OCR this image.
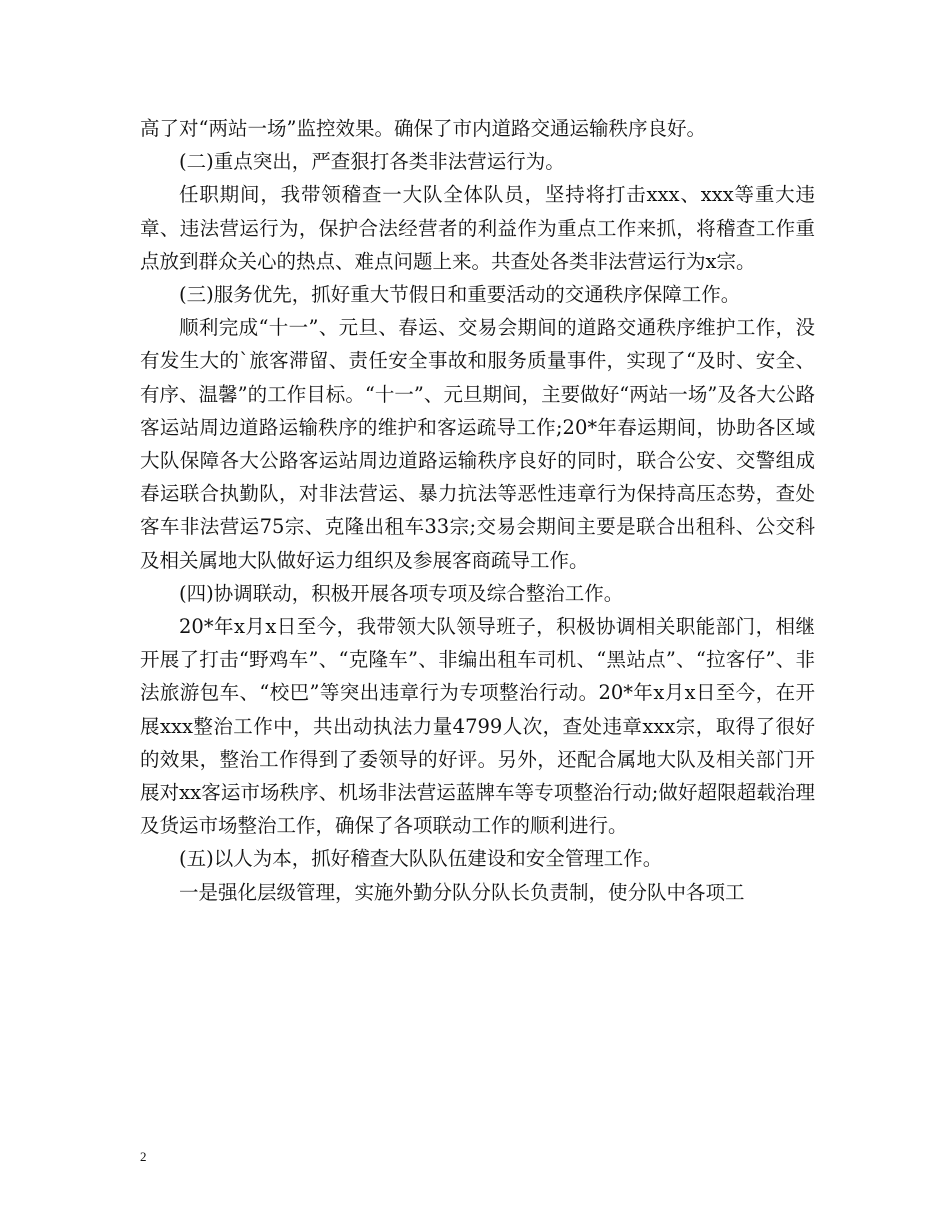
高了对“两站一场”监控效果。确保了市内道路交通运输秩序良好。

(二)重点突出，严查狠打各类非法营运行为。

任职期间，我带领稽查一大队全体队员，坚持将打击xxx、xxx等重大违章、违法营运行为，保护合法经营者的利益作为重点工作来抓，将稽查工作重点放到群众关心的热点、难点问题上来。共查处各类非法营运行为x宗。

(三)服务优先，抓好重大节假日和重要活动的交通秩序保障工作。

顺利完成“十一”、元旦、春运、交易会期间的道路交通秩序维护工作，没有发生大的`旅客滞留、责任安全事故和服务质量事件，实现了“及时、安全、有序、温馨”的工作目标。“十一”、元旦期间，主要做好“两站一场”及各大公路客运站周边道路运输秩序的维护和客运疏导工作;20*年春运期间，协助各区域大队保障各大公路客运站周边道路运输秩序良好的同时，联合公安、交警组成春运联合执勤队，对非法营运、暴力抗法等恶性违章行为保持高压态势，查处客车非法营运75宗、克隆出租车33宗;交易会期间主要是联合出租科、公交科及相关属地大队做好运力组织及参展客商疏导工作。

(四)协调联动，积极开展各项专项及综合整治工作。

20*年x月x日至今，我带领大队领导班子，积极协调相关职能部门，相继开展了打击“野鸡车”、“克隆车”、非编出租车司机、“黑站点”、“拉客仔”、非法旅游包车、“校巴”等突出违章行为专项整治行动。20*年x月x日至今，在开展xxx整治工作中，共出动执法力量4799人次，查处违章xxx宗，取得了很好的效果，整治工作得到了委领导的好评。另外，还配合属地大队及相关部门开展对xx客运市场秩序、机场非法营运蓝牌车等专项整治行动;做好超限超载治理及货运市场整治工作，确保了各项联动工作的顺利进行。

(五)以人为本，抓好稽查大队队伍建设和安全管理工作。

一是强化层级管理，实施外勤分队分队长负责制，使分队中各项工

2
